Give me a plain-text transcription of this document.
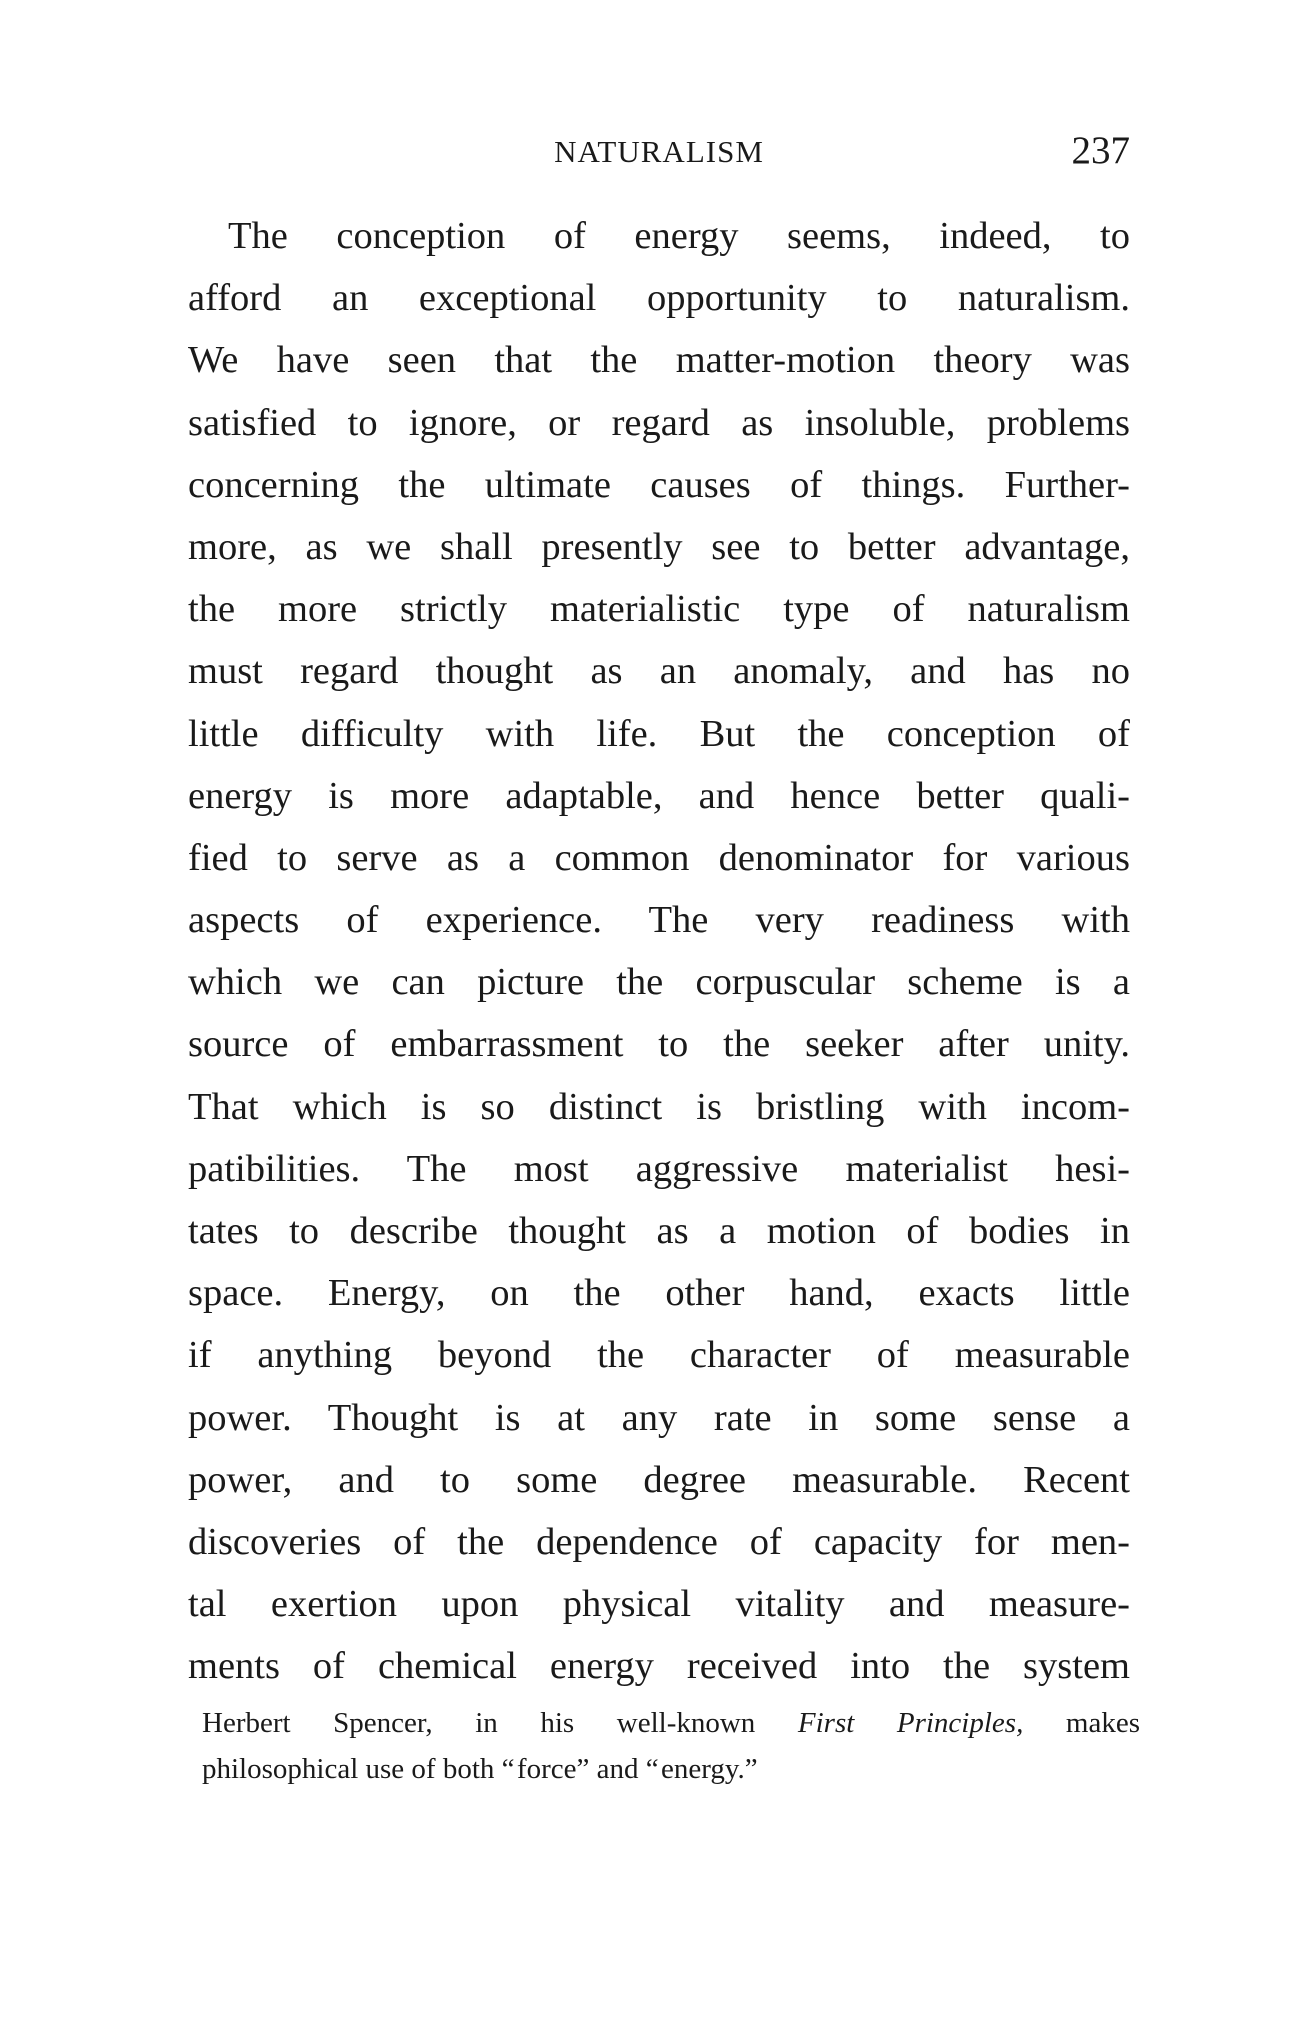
NATURALISM	237
The conception of energy seems, indeed, to
afford an exceptional opportunity to naturalism.
We have seen that the matter-motion theory was
satisfied to ignore, or regard as insoluble, problems
concerning the ultimate causes of things. Further-
more, as we shall presently see to better advantage,
the more strictly materialistic type of naturalism
must regard thought as an anomaly, and has no
little difficulty with life. But the conception of
energy is more adaptable, and hence better quali-
fied to serve as a common denominator for various
aspects of experience. The very readiness with
which we can picture the corpuscular scheme is a
source of embarrassment to the seeker after unity.
That which is so distinct is bristling with incom-
patibilities. The most aggressive materialist hesi-
tates to describe thought as a motion of bodies in
space. Energy, on the other hand, exacts little
if anything beyond the character of measurable
power. Thought is at any rate in some sense a
power, and to some degree measurable. Recent
discoveries of the dependence of capacity for men-
tal exertion upon physical vitality and measure-
ments of chemical energy received into the system
Herbert Spencer, in his well-known First Principles, makes
philosophical use of both “ force” and “ energy.”
